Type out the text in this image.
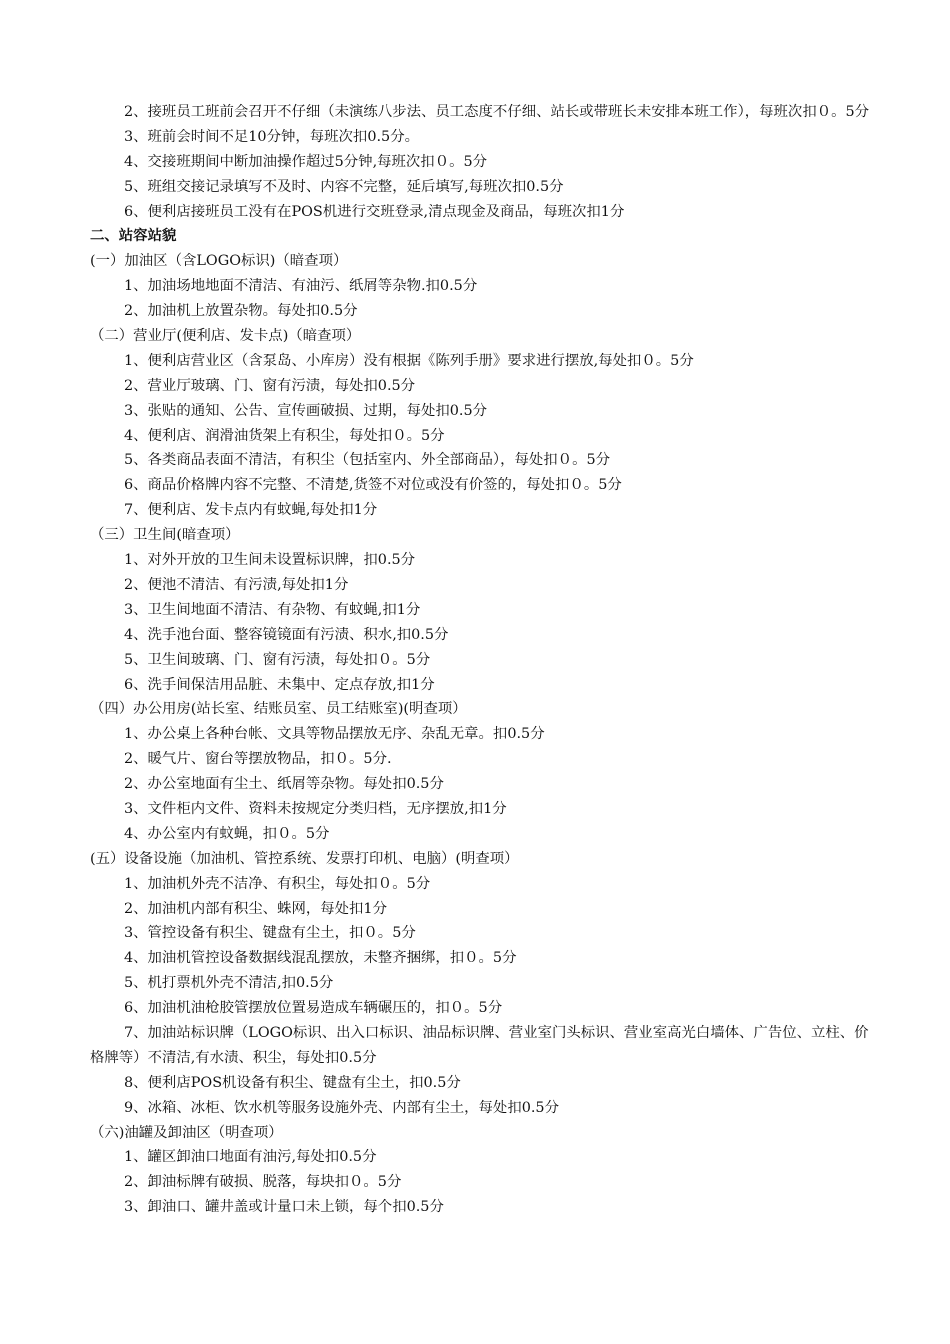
2、接班员工班前会召开不仔细（未演练八步法、员工态度不仔细、站长或带班长未安排本班工作），每班次扣０。5分
3、班前会时间不足10分钟，每班次扣0.5分。
4、交接班期间中断加油操作超过5分钟,每班次扣０。5分
5、班组交接记录填写不及时、内容不完整，延后填写,每班次扣0.5分
6、便利店接班员工没有在POS机进行交班登录,清点现金及商品，每班次扣1分
二、站容站貌
(一）加油区（含LOGO标识)（暗查项）
1、加油场地地面不清洁、有油污、纸屑等杂物.扣0.5分
2、加油机上放置杂物。每处扣0.5分
（二）营业厅(便利店、发卡点)（暗查项）
1、便利店营业区（含泵岛、小库房）没有根据《陈列手册》要求进行摆放,每处扣０。5分
2、营业厅玻璃、门、窗有污渍，每处扣0.5分
3、张贴的通知、公告、宣传画破损、过期，每处扣0.5分
4、便利店、润滑油货架上有积尘，每处扣０。5分
5、各类商品表面不清洁，有积尘（包括室内、外全部商品），每处扣０。5分
6、商品价格牌内容不完整、不清楚,货签不对位或没有价签的，每处扣０。5分
7、便利店、发卡点内有蚊蝇,每处扣1分
（三）卫生间(暗查项）
1、对外开放的卫生间未设置标识牌，扣0.5分
2、便池不清洁、有污渍,每处扣1分
3、卫生间地面不清洁、有杂物、有蚊蝇,扣1分
4、洗手池台面、整容镜镜面有污渍、积水,扣0.5分
5、卫生间玻璃、门、窗有污渍，每处扣０。5分
6、洗手间保洁用品脏、未集中、定点存放,扣1分
（四）办公用房(站长室、结账员室、员工结账室)(明查项）
1、办公桌上各种台帐、文具等物品摆放无序、杂乱无章。扣0.5分
2、暖气片、窗台等摆放物品，扣０。5分.
2、办公室地面有尘土、纸屑等杂物。每处扣0.5分
3、文件柜内文件、资料未按规定分类归档，无序摆放,扣1分
4、办公室内有蚊蝇，扣０。5分
(五）设备设施（加油机、管控系统、发票打印机、电脑）(明查项）
1、加油机外壳不洁净、有积尘，每处扣０。5分
2、加油机内部有积尘、蛛网，每处扣1分
3、管控设备有积尘、键盘有尘土，扣０。5分
4、加油机管控设备数据线混乱摆放，未整齐捆绑，扣０。5分
5、机打票机外壳不清洁,扣0.5分
6、加油机油枪胶管摆放位置易造成车辆碾压的，扣０。5分
7、加油站标识牌（LOGO标识、出入口标识、油品标识牌、营业室门头标识、营业室高光白墙体、广告位、立柱、价格牌等）不清洁,有水渍、积尘，每处扣0.5分
8、便利店POS机设备有积尘、键盘有尘土，扣0.5分
9、冰箱、冰柜、饮水机等服务设施外壳、内部有尘土，每处扣0.5分
（六)油罐及卸油区（明查项）
1、罐区卸油口地面有油污,每处扣0.5分
2、卸油标牌有破损、脱落，每块扣０。5分
3、卸油口、罐井盖或计量口未上锁，每个扣0.5分
